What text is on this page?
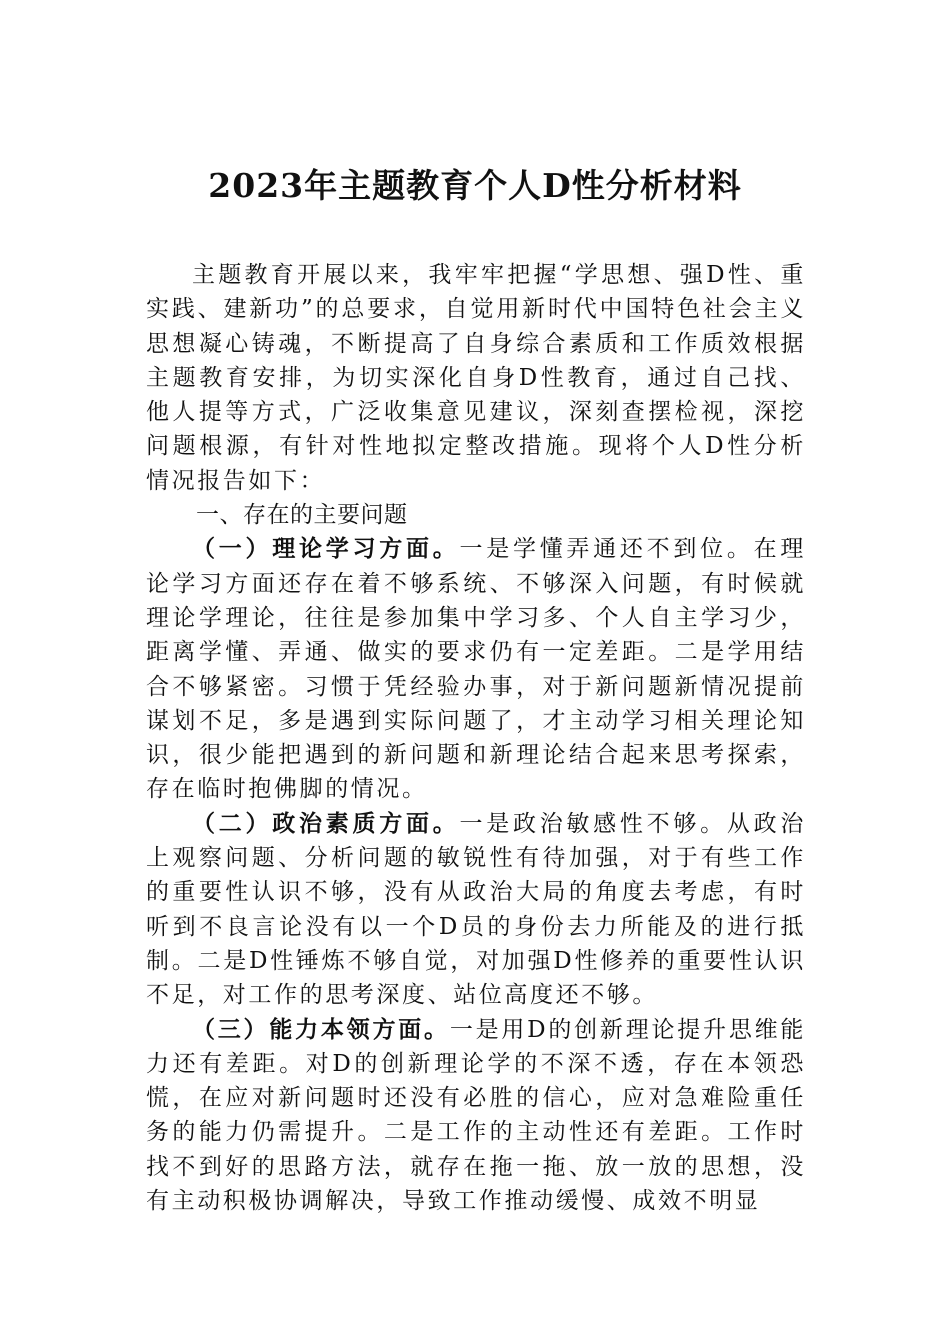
2023年主题教育个人D性分析材料

主题教育开展以来，我牢牢把握“学思想、强D性、重实践、建新功”的总要求，自觉用新时代中国特色社会主义思想凝心铸魂，不断提高了自身综合素质和工作质效根据主题教育安排，为切实深化自身D性教育，通过自己找、他人提等方式，广泛收集意见建议，深刻查摆检视，深挖问题根源，有针对性地拟定整改措施。现将个人D性分析情况报告如下：

一、存在的主要问题

（一）理论学习方面。一是学懂弄通还不到位。在理论学习方面还存在着不够系统、不够深入问题，有时候就理论学理论，往往是参加集中学习多、个人自主学习少，距离学懂、弄通、做实的要求仍有一定差距。二是学用结合不够紧密。习惯于凭经验办事，对于新问题新情况提前谋划不足，多是遇到实际问题了，才主动学习相关理论知识，很少能把遇到的新问题和新理论结合起来思考探索，存在临时抱佛脚的情况。

（二）政治素质方面。一是政治敏感性不够。从政治上观察问题、分析问题的敏锐性有待加强，对于有些工作的重要性认识不够，没有从政治大局的角度去考虑，有时听到不良言论没有以一个D员的身份去力所能及的进行抵制。二是D性锤炼不够自觉，对加强D性修养的重要性认识不足，对工作的思考深度、站位高度还不够。

（三）能力本领方面。一是用D的创新理论提升思维能力还有差距。对D的创新理论学的不深不透，存在本领恐慌，在应对新问题时还没有必胜的信心，应对急难险重任务的能力仍需提升。二是工作的主动性还有差距。工作时找不到好的思路方法，就存在拖一拖、放一放的思想，没有主动积极协调解决，导致工作推动缓慢、成效不明显
